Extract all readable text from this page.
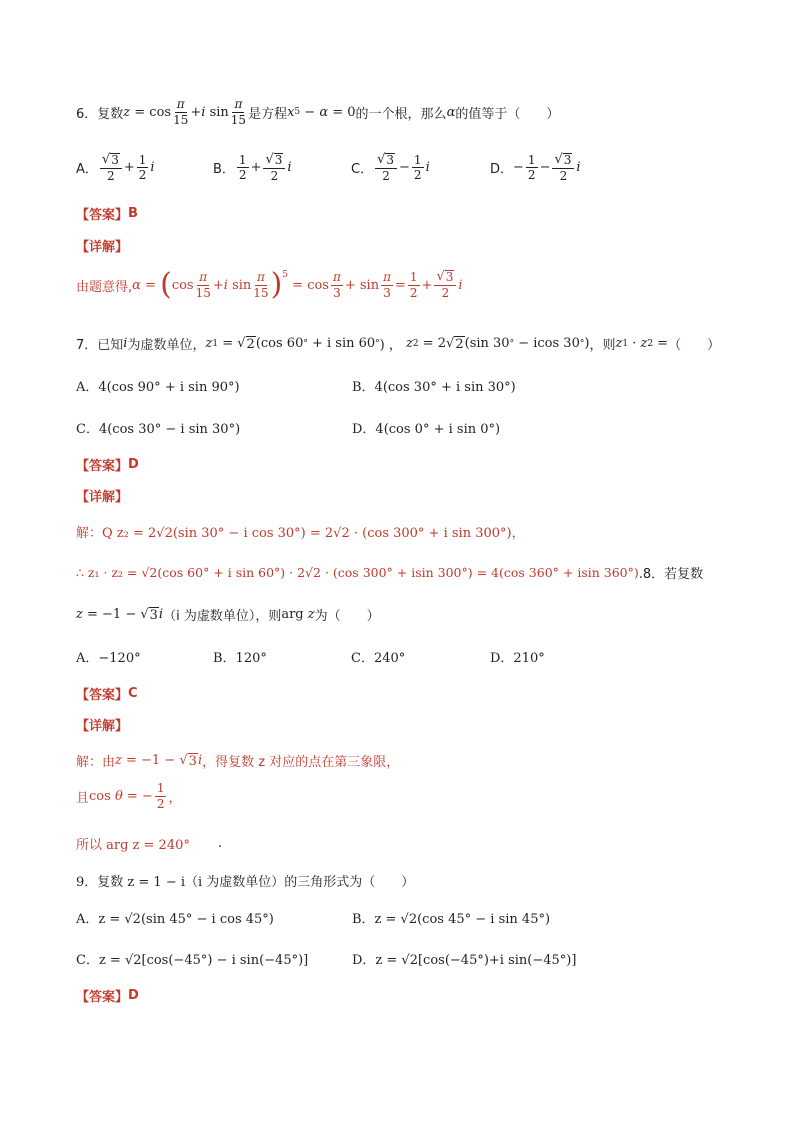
6．复数 $z = \cos \frac{\pi}{15} + i$ $\sin \frac{\pi}{15}$ 是方程 x 5 − α = 0 的一个根，那么 α 的值等于（　　）
A． $\frac{√ 3}{2} + \frac{1}{2}$ i	B． $\frac{1}{2} + \frac{√ 3}{2}$ i	C． $\frac{√ 3}{2} - \frac{1}{2}$ i	D． − $\frac{1}{2} - \frac{√ 3}{2}$ i
【答案】 B
【详解】
由题意得, α = ( $\cos \frac{\pi}{15} + i$ $\sin \frac{\pi}{15} )^5$
= $\cos \frac{\pi}{3} + \sin \frac{\pi}{3} = \frac{1}{2} + \frac{√ 3}{2}$ i
7．已知 i 为虚数单位， z 1 = √ 2 (cos 60 ° + i sin 60 ° ) ， z 2 = 2 √ 2 (sin 30 ° − icos 30 ° ) ，则 z 1 · z 2 = （　　）
A．4(cos 90° + i sin 90°)	B．4(cos 30° + i sin 30°)
C．4(cos 30° − i sin 30°)	D．4(cos 0° + i sin 0°)
【答案】 D
【详解】
解：Q z₂ = 2√2(sin 30° − i cos 30°) = 2√2 · (cos 300° + i sin 300°)，
∴ z₁ · z₂ = √2(cos 60° + i sin 60°) · 2√2 · (cos 300° + isin 300°) = 4(cos 360° + isin 360°) .8．若复数
z = −1 − √ 3 i （i 为虚数单位），则 arg z 为（　　）
A．−120°	B．120°	C．240°	D．210°
【答案】 C
【详解】
解：由 z = −1 − √ 3 i ，得复数 z 对应的点在第三象限，
且 cos θ = − $\frac{1}{2}$ ，
所以 arg z = 240° .
9．复数 z = 1 − i（i 为虚数单位）的三角形式为（　　）
A．z = √2(sin 45° − i cos 45°)	B．z = √2(cos 45° − i sin 45°)
C．z = √2[cos(−45°) − i sin(−45°)]	D．z = √2[cos(−45°)+i sin(−45°)]
【答案】 D
